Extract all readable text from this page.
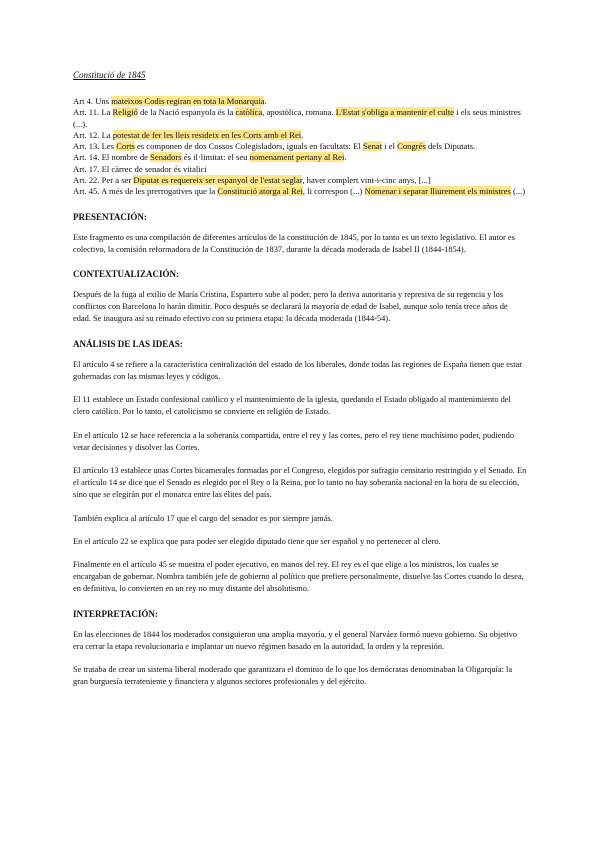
Constitució de 1845

Art 4. Uns mateixos Codis regiran en tota la Monarquia.

Art. 11. La Religió de la Nació espanyola és la catòlica, apostòlica, romana. L'Estat s'obliga a mantenir el culte i els seus ministres (...).

Art. 12. La potestat de fer les lleis resideix en les Corts amb el Rei.

Art. 13. Les Corts es componen de dos Cossos Colegisladors, iguals en facultats: El Senat i el Congrés dels Diputats.

Art. 14. El nombre de Senadors és il·limitat: el seu nomenament pertany al Rei.

Art. 17. El càrrec de senador és vitalici

Art. 22. Per a ser Diputat es requereix ser espanyol de l'estat seglar, haver complert vint-i-cinc anys, [...]

Art. 45. A més de les prerrogatives que la Constitució atorga al Rei, li correspon (...) Nomenar i separar lliurement els ministres (...)

PRESENTACIÓN:

Este fragmento es una compilación de diferentes artículos de la constitución de 1845, por lo tanto es un texto legislativo. El autor es colectivo, la comisión reformadora de la Constitución de 1837, durante la década moderada de Isabel II (1844-1854).

CONTEXTUALIZACIÓN:

Después de la fuga al exilio de María Cristina, Espartero sube al poder, pero la deriva autoritaria y represiva de su regencia y los conflictos con Barcelona lo harán dimitir. Poco después se declarará la mayoría de edad de Isabel, aunque solo tenía trece años de edad. Se inaugura así su reinado efectivo con su primera etapa: la década moderada (1844-54).

ANÁLISIS DE LAS IDEAS:

El artículo 4 se refiere a la característica centralización del estado de los liberales, donde todas las regiones de España tienen que estar gobernadas con las mismas leyes y códigos.

El 11 establece un Estado confesional católico y el mantenimiento de la iglesia, quedando el Estado obligado al mantenimiento del clero católico. Por lo tanto, el catolicismo se convierte en religión de Estado.

En el artículo 12 se hace referencia a la soberanía compartida, entre el rey y las cortes, pero el rey tiene muchísimo poder, pudiendo vetar decisiones y disolver las Cortes.

El artículo 13 establece unas Cortes bicamerales formadas por el Congreso, elegidos por sufragio censitario restringido y el Senado. En el artículo 14 se dice que el Senado es elegido por el Rey o la Reina, por lo tanto no hay soberanía nacional en la hora de su elección, sino que se elegirán por el monarca entre las élites del país.

También explica al artículo 17 que el cargo del senador es por siempre jamás.

En el artículo 22 se explica que para poder ser elegido diputado tiene que ser español y no pertenecer al clero.

Finalmente en el artículo 45 se muestra el poder ejecutivo, en manos del rey. El rey es el que elige a los ministros, los cuales se encargaban de gobernar. Nombra también jefe de gobierno al político que prefiere personalmente, disuelve las Cortes cuando lo desea, en definitiva, lo convierten en un rey no muy distante del absolutismo.

INTERPRETACIÓN:

En las elecciones de 1844 los moderados consiguieron una amplia mayoría, y el general Narváez formó nuevo gobierno. Su objetivo era cerrar la etapa revolucionaria e implantar un nuevo régimen basado en la autoridad, la orden y la represión.

Se trataba de crear un sistema liberal moderado que garantizara el dominio de lo que los demócratas denominaban la Oligarquía: la gran burguesía terrateniente y financiera y algunos sectores profesionales y del ejército.
